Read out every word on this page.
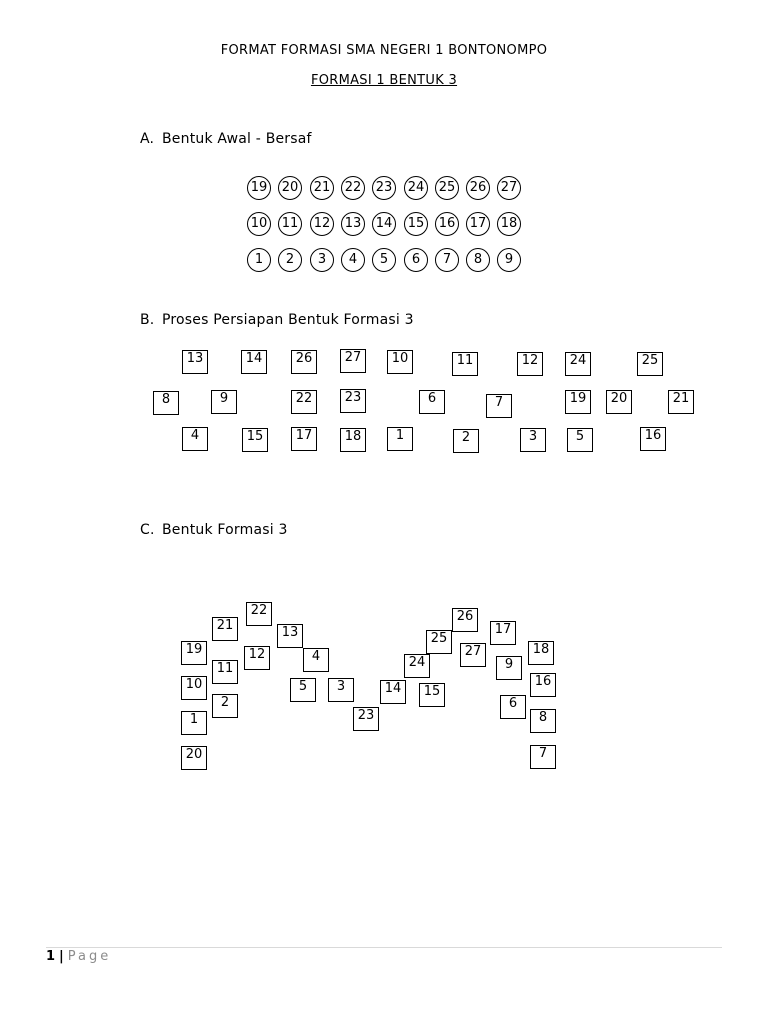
FORMAT FORMASI SMA NEGERI 1 BONTONOMPO
FORMASI 1 BENTUK 3
A. Bentuk Awal - Bersaf
19 20 21 22 23 24 25 26 27
10 11 12 13 14 15 16 17 18
1	2	3	4	5	6	7	8	9
B. Proses Persiapan Bentuk Formasi 3
13	14	26	27	10	11	12	24	25
8	9	22	23	6	7	19	20	21
4	15	17	18	1	2	3	5	16
C. Bentuk Formasi 3
22
21	13
19	12	4
11
10	5	3
2
1	23
20
26
25
17
24
27	18
9
14	15
16
6
8
7
1 | Page
